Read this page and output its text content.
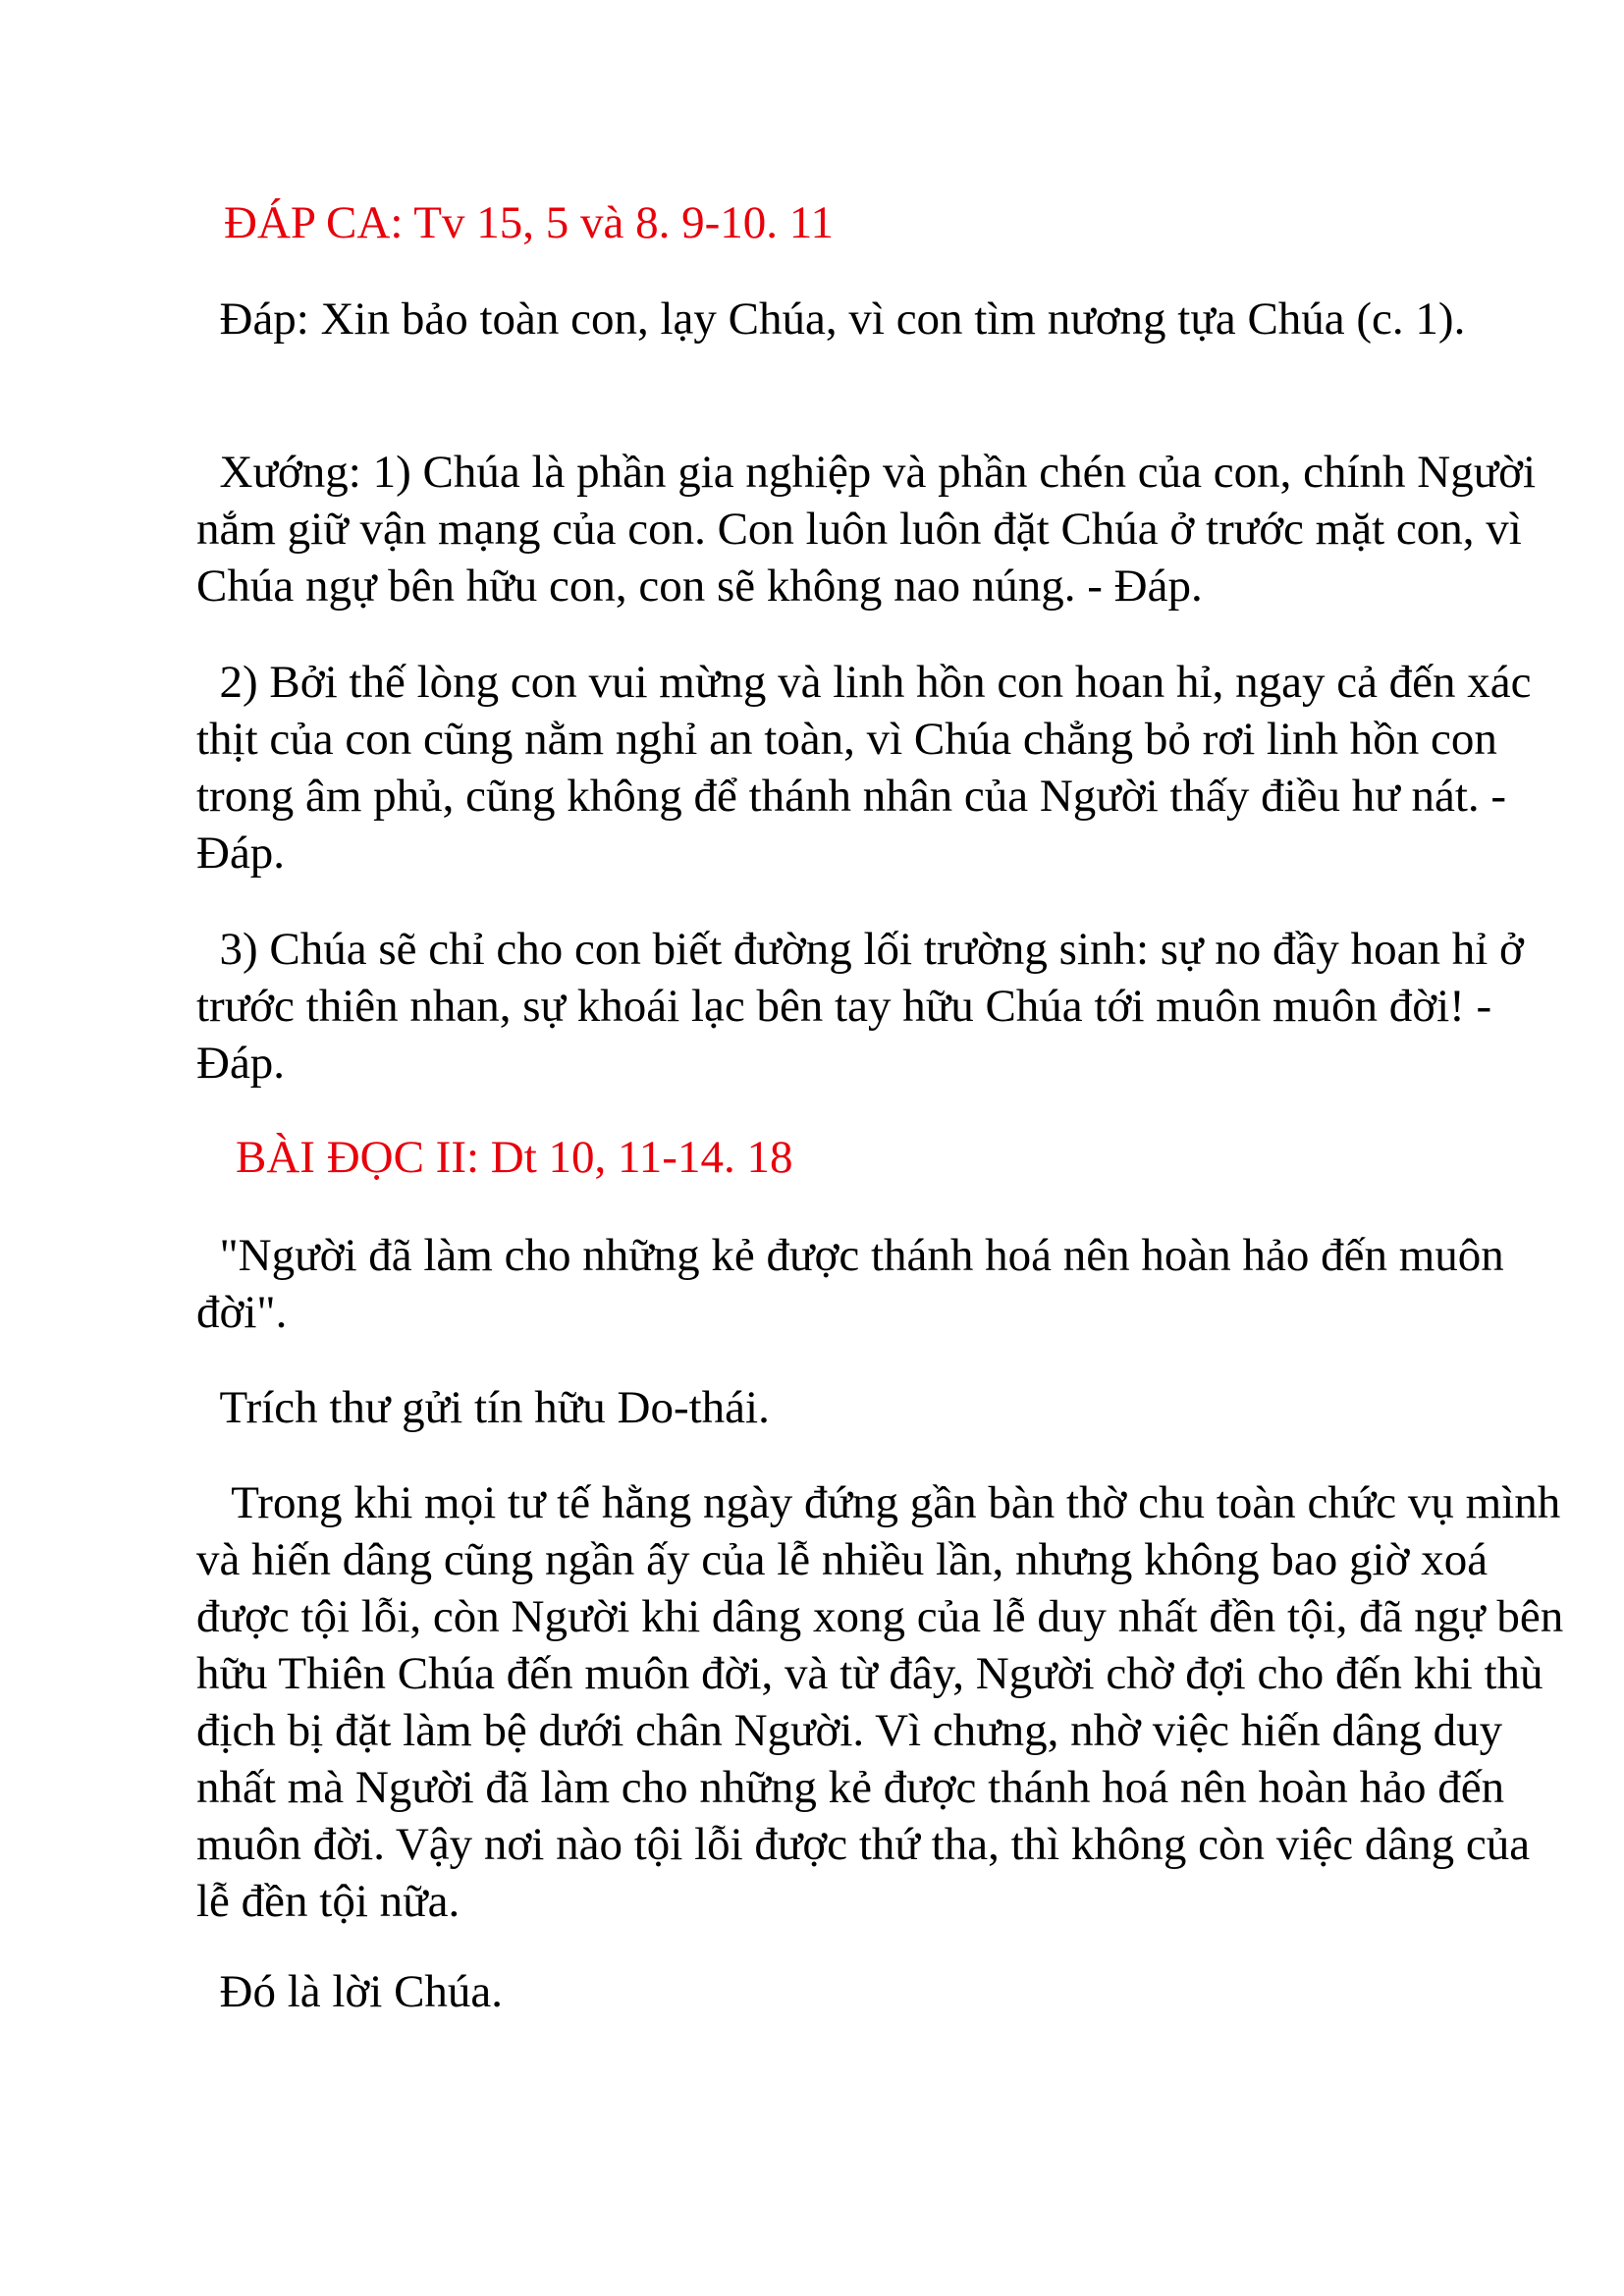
ĐÁP CA: Tv 15, 5 và 8. 9-10. 11

Đáp: Xin bảo toàn con, lạy Chúa, vì con tìm nương tựa Chúa (c. 1).

Xướng: 1) Chúa là phần gia nghiệp và phần chén của con, chính Người nắm giữ vận mạng của con. Con luôn luôn đặt Chúa ở trước mặt con, vì Chúa ngự bên hữu con, con sẽ không nao núng. - Đáp.

2) Bởi thế lòng con vui mừng và linh hồn con hoan hỉ, ngay cả đến xác thịt của con cũng nằm nghỉ an toàn, vì Chúa chẳng bỏ rơi linh hồn con trong âm phủ, cũng không để thánh nhân của Người thấy điều hư nát. - Đáp.

3) Chúa sẽ chỉ cho con biết đường lối trường sinh: sự no đầy hoan hỉ ở trước thiên nhan, sự khoái lạc bên tay hữu Chúa tới muôn muôn đời! - Đáp.

BÀI ĐỌC II: Dt 10, 11-14. 18

"Người đã làm cho những kẻ được thánh hoá nên hoàn hảo đến muôn đời".

Trích thư gửi tín hữu Do-thái.

Trong khi mọi tư tế hằng ngày đứng gần bàn thờ chu toàn chức vụ mình và hiến dâng cũng ngần ấy của lễ nhiều lần, nhưng không bao giờ xoá được tội lỗi, còn Người khi dâng xong của lễ duy nhất đền tội, đã ngự bên hữu Thiên Chúa đến muôn đời, và từ đây, Người chờ đợi cho đến khi thù địch bị đặt làm bệ dưới chân Người. Vì chưng, nhờ việc hiến dâng duy nhất mà Người đã làm cho những kẻ được thánh hoá nên hoàn hảo đến muôn đời. Vậy nơi nào tội lỗi được thứ tha, thì không còn việc dâng của lễ đền tội nữa.

Đó là lời Chúa.
